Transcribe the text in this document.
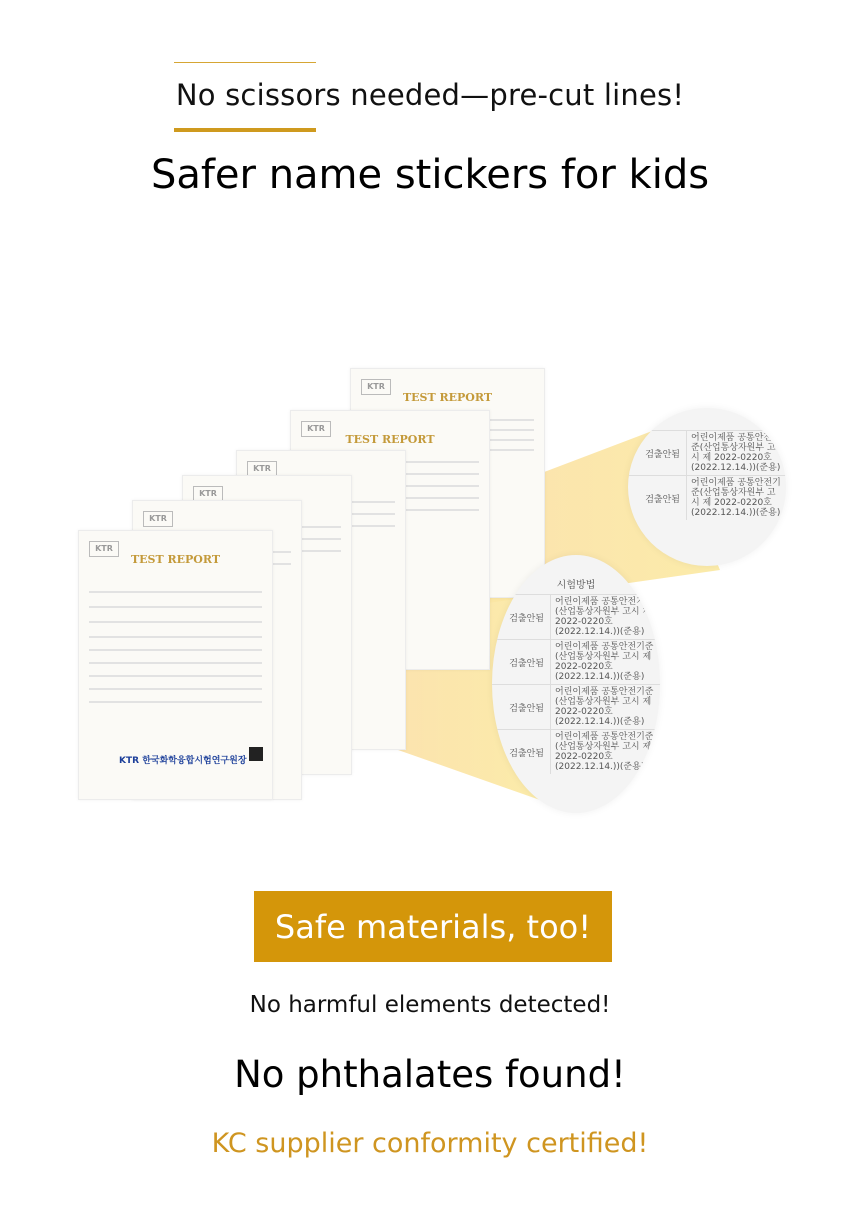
No scissors needed—pre-cut lines!
Safer name stickers for kids
KTR
TEST REPORT
KTR
TEST REPORT
KTR
KTR
KTR
KTR
TEST REPORT
KTR 한국화학융합시험연구원장
검출안됨
어린이제품 공통안전기준(산업통상자원부 고시 제 2022-0220호(2022.12.14.))(준용)
검출안됨
어린이제품 공통안전기준(산업통상자원부 고시 제 2022-0220호(2022.12.14.))(준용)
시험방법
검출안됨
어린이제품 공통안전기준(산업통상자원부 고시 제 2022-0220호(2022.12.14.))(준용)
검출안됨
어린이제품 공통안전기준(산업통상자원부 고시 제 2022-0220호(2022.12.14.))(준용)
검출안됨
어린이제품 공통안전기준(산업통상자원부 고시 제 2022-0220호(2022.12.14.))(준용)
검출안됨
어린이제품 공통안전기준(산업통상자원부 고시 제 2022-0220호(2022.12.14.))(준용)
Safe materials, too!
No harmful elements detected!
No phthalates found!
KC supplier conformity certified!
